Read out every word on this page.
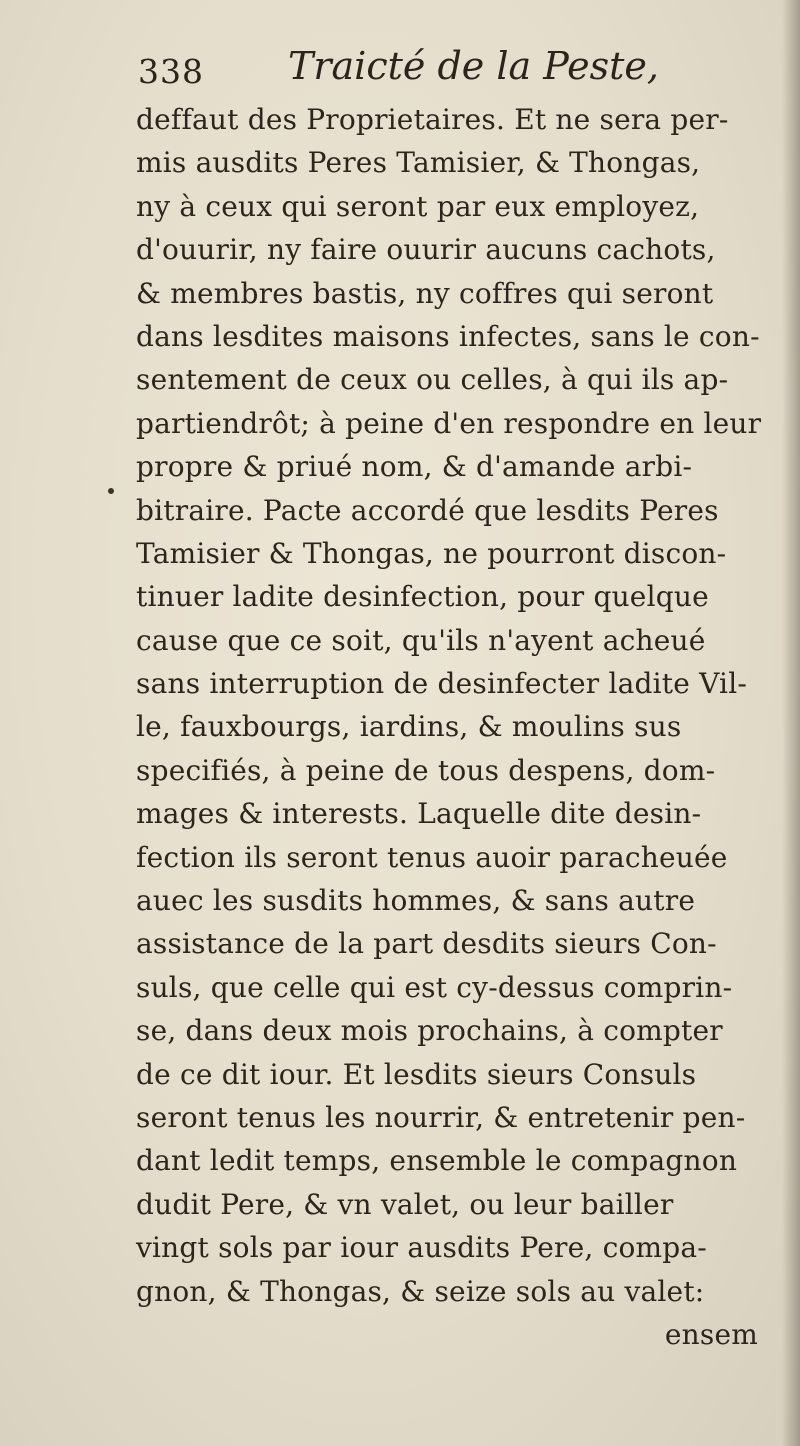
338 Traicté de la Peste,
deffaut des Proprietaires. Et ne sera per-
mis ausdits Peres Tamisier, & Thongas,
ny à ceux qui seront par eux employez,
d'ouurir, ny faire ouurir aucuns cachots,
& membres bastis, ny coffres qui seront
dans lesdites maisons infectes, sans le con-
sentement de ceux ou celles, à qui ils ap-
partiendrôt; à peine d'en respondre en leur
propre & priué nom, & d'amande arbi-
bitraire. Pacte accordé que lesdits Peres
Tamisier & Thongas, ne pourront discon-
tinuer ladite desinfection, pour quelque
cause que ce soit, qu'ils n'ayent acheué
sans interruption de desinfecter ladite Vil-
le, fauxbourgs, iardins, & moulins sus
specifiés, à peine de tous despens, dom-
mages & interests. Laquelle dite desin-
fection ils seront tenus auoir paracheuée
auec les susdits hommes, & sans autre
assistance de la part desdits sieurs Con-
suls, que celle qui est cy-dessus comprin-
se, dans deux mois prochains, à compter
de ce dit iour. Et lesdits sieurs Consuls
seront tenus les nourrir, & entretenir pen-
dant ledit temps, ensemble le compagnon
dudit Pere, & vn valet, ou leur bailler
vingt sols par iour ausdits Pere, compa-
gnon, & Thongas, & seize sols au valet:
ensem
